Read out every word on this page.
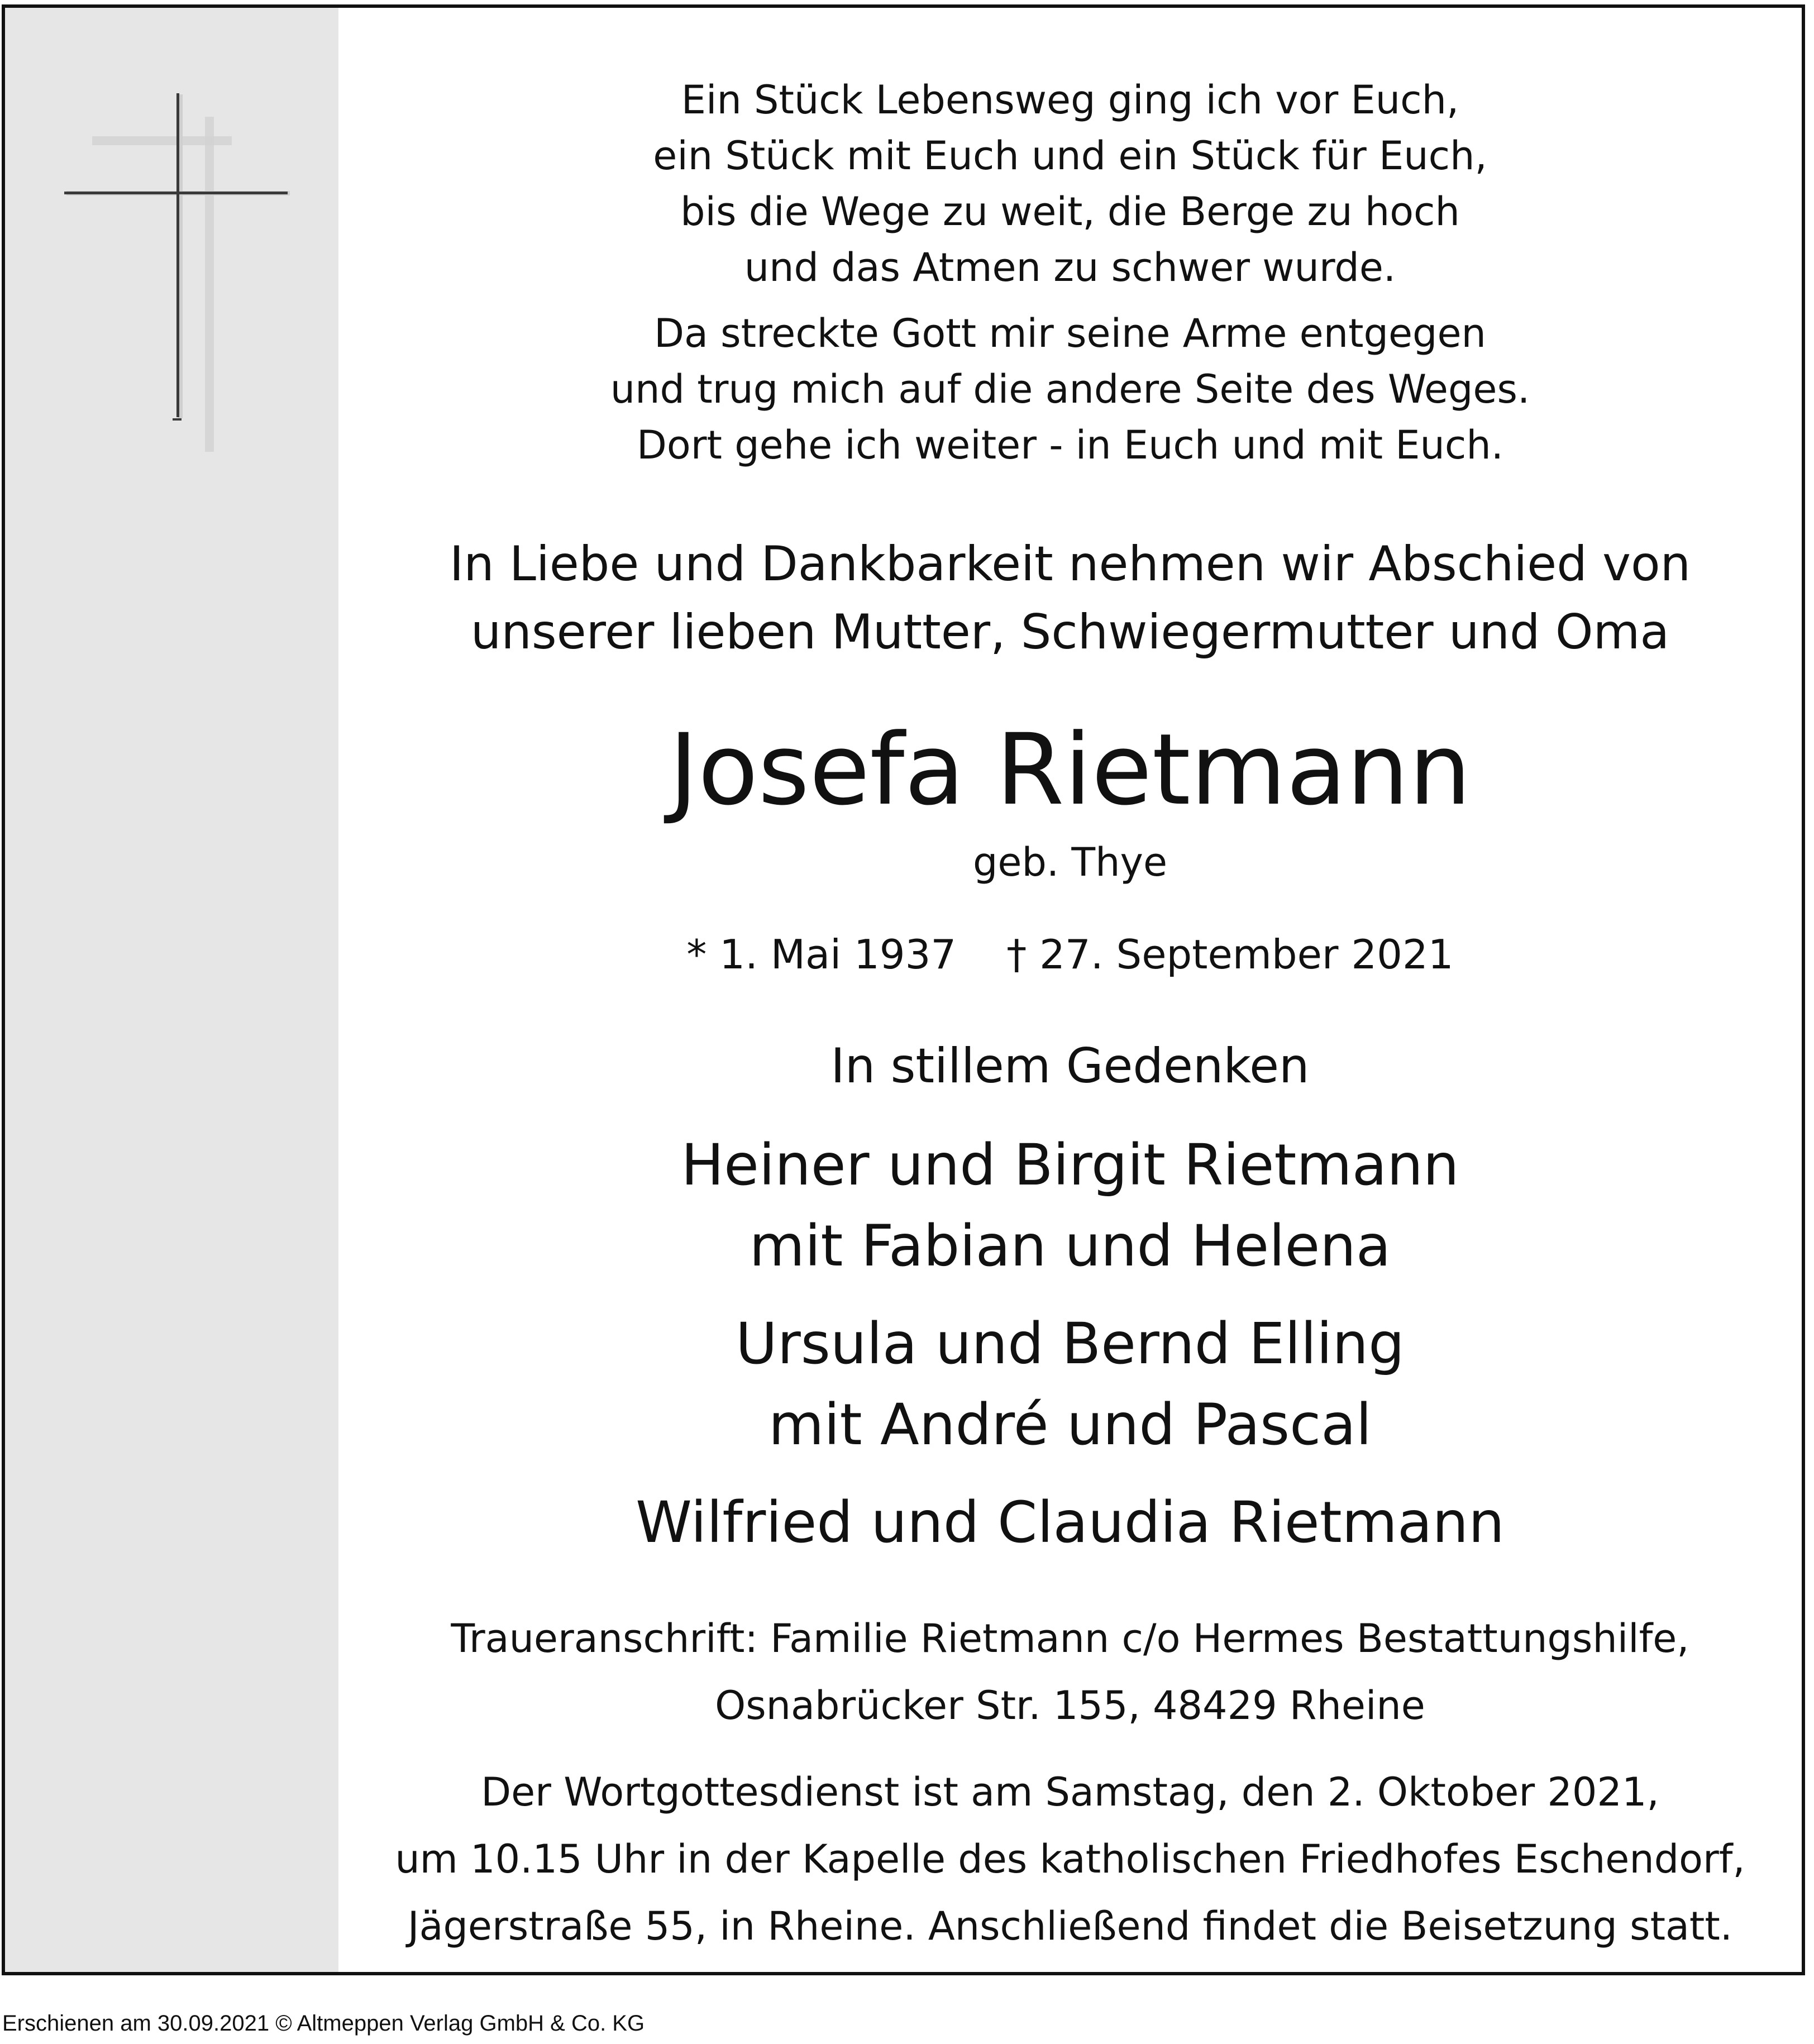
Ein Stück Lebensweg ging ich vor Euch,
ein Stück mit Euch und ein Stück für Euch,
bis die Wege zu weit, die Berge zu hoch
und das Atmen zu schwer wurde.
Da streckte Gott mir seine Arme entgegen
und trug mich auf die andere Seite des Weges.
Dort gehe ich weiter - in Euch und mit Euch.
In Liebe und Dankbarkeit nehmen wir Abschied von
unserer lieben Mutter, Schwiegermutter und Oma
Josefa Rietmann
geb. Thye
* 1. Mai 1937 † 27. September 2021
In stillem Gedenken
Heiner und Birgit Rietmann
mit Fabian und Helena
Ursula und Bernd Elling
mit André und Pascal
Wilfried und Claudia Rietmann
Traueranschrift: Familie Rietmann c/o Hermes Bestattungshilfe,
Osnabrücker Str. 155, 48429 Rheine
Der Wortgottesdienst ist am Samstag, den 2. Oktober 2021,
um 10.15 Uhr in der Kapelle des katholischen Friedhofes Eschendorf,
Jägerstraße 55, in Rheine. Anschließend findet die Beisetzung statt.
Erschienen am 30.09.2021 © Altmeppen Verlag GmbH & Co. KG
